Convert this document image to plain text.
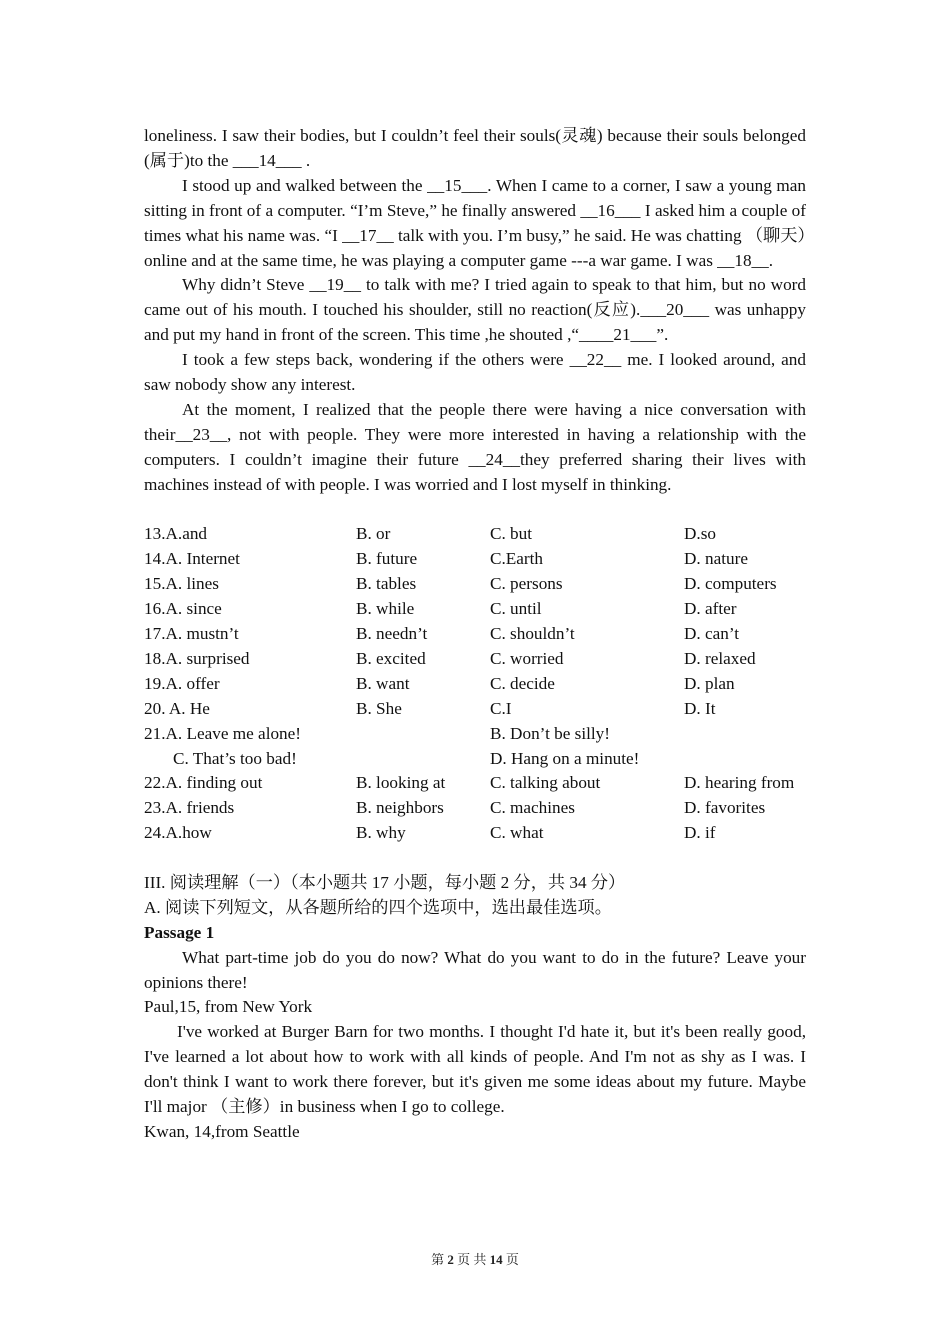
loneliness. I saw their bodies, but I couldn’t feel their souls(灵魂) because their souls belonged (属于)to the ___14___ .

I stood up and walked between the __15___. When I came to a corner, I saw a young man sitting in front of a computer. “I’m Steve,” he finally answered __16___ I asked him a couple of times what his name was. “I __17__ talk with you. I’m busy,” he said. He was chatting （聊天）online and at the same time, he was playing a computer game ---a war game. I was __18__.

Why didn’t Steve __19__ to talk with me? I tried again to speak to that him, but no word came out of his mouth. I touched his shoulder, still no reaction(反应).___20___ was unhappy and put my hand in front of the screen. This time ,he shouted ,“____21___”.

I took a few steps back, wondering if the others were __22__ me. I looked around, and saw nobody show any interest.

At the moment, I realized that the people there were having a nice conversation with their__23__, not with people. They were more interested in having a relationship with the computers. I couldn’t imagine their future __24__they preferred sharing their lives with machines instead of with people. I was worried and I lost myself in thinking.

13.A.and	B. or	C. but	D.so
14.A. Internet	B. future	C.Earth	D. nature
15.A. lines	B. tables	C. persons	D. computers
16.A. since	B. while	C. until	D. after
17.A. mustn’t	B. needn’t	C. shouldn’t	D. can’t
18.A. surprised	B. excited	C. worried	D. relaxed
19.A. offer	B. want	C. decide	D. plan
20. A. He	B. She	C.I	D. It
21.A. Leave me alone!	B. Don’t be silly!
C. That’s too bad!	D. Hang on a minute!
22.A. finding out	B. looking at	C. talking about	D. hearing from
23.A. friends	B. neighbors	C. machines	D. favorites
24.A.how	B. why	C. what	D. if

III. 阅读理解（一）（本小题共 17 小题，每小题 2 分，共 34 分）

A. 阅读下列短文，从各题所给的四个选项中，选出最佳选项。

Passage 1

What part-time job do you do now? What do you want to do in the future? Leave your opinions there!

Paul,15, from New York

I've worked at Burger Barn for two months. I thought I'd hate it, but it's been really good, I've learned a lot about how to work with all kinds of people. And I'm not as shy as I was. I don't think I want to work there forever, but it's given me some ideas about my future. Maybe I'll major （主修）in business when I go to college.

Kwan, 14,from Seattle

第 2 页 共 14 页
